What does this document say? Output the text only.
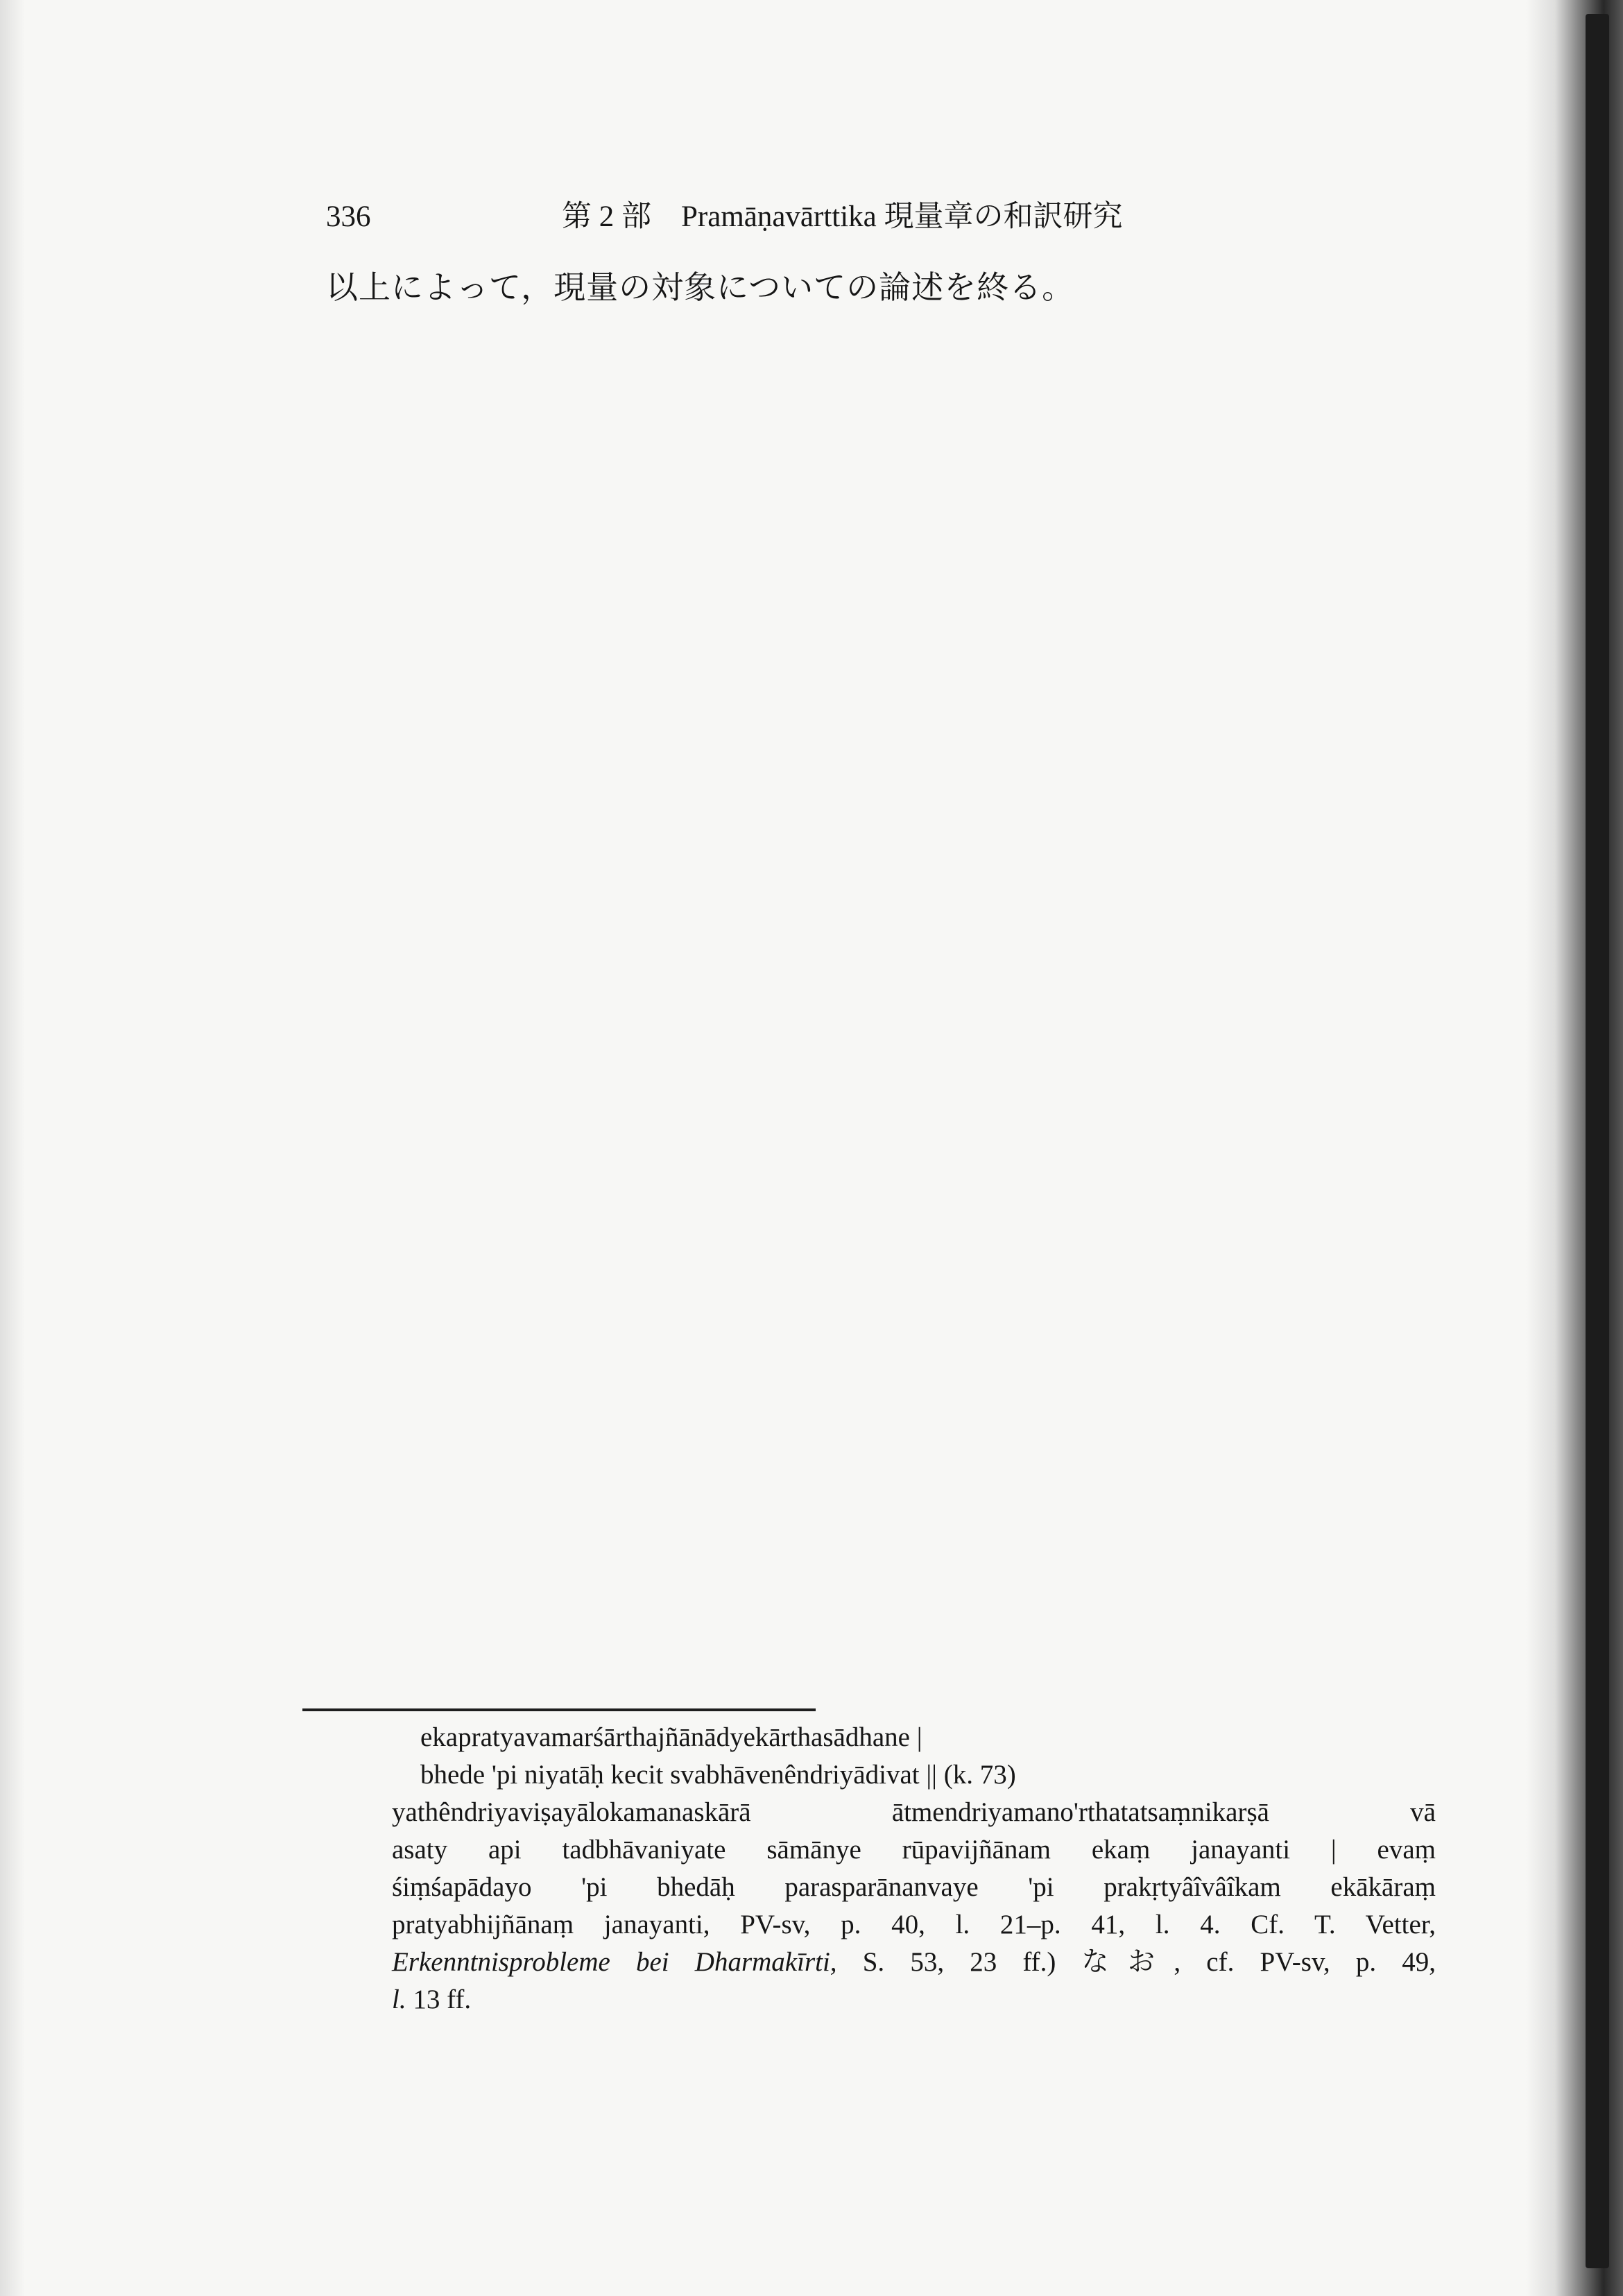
336	第 2 部　Pramāṇavārttika 現量章の和訳研究
以上によって，現量の対象についての論述を終る。
ekapratyavamarśārthajñānādyekārthasādhane |
bhede 'pi niyatāḥ kecit svabhāvenêndriyādivat || (k. 73)
yathêndriyaviṣayālokamanaskārā ātmendriyamano'rthatatsaṃnikarṣā vā
asaty api tadbhāvaniyate sāmānye rūpavijñānam ekaṃ janayanti | evaṃ
śiṃśapādayo 'pi bhedāḥ parasparānanvaye 'pi prakṛtyâîvâîkam ekākāraṃ
pratyabhijñānaṃ janayanti, PV-sv, p. 40, l. 21–p. 41, l. 4. Cf. T. Vetter,
Erkenntnisprobleme bei Dharmakīrti, S. 53, 23 ff.) なお, cf. PV-sv, p. 49,
l. 13 ff.
